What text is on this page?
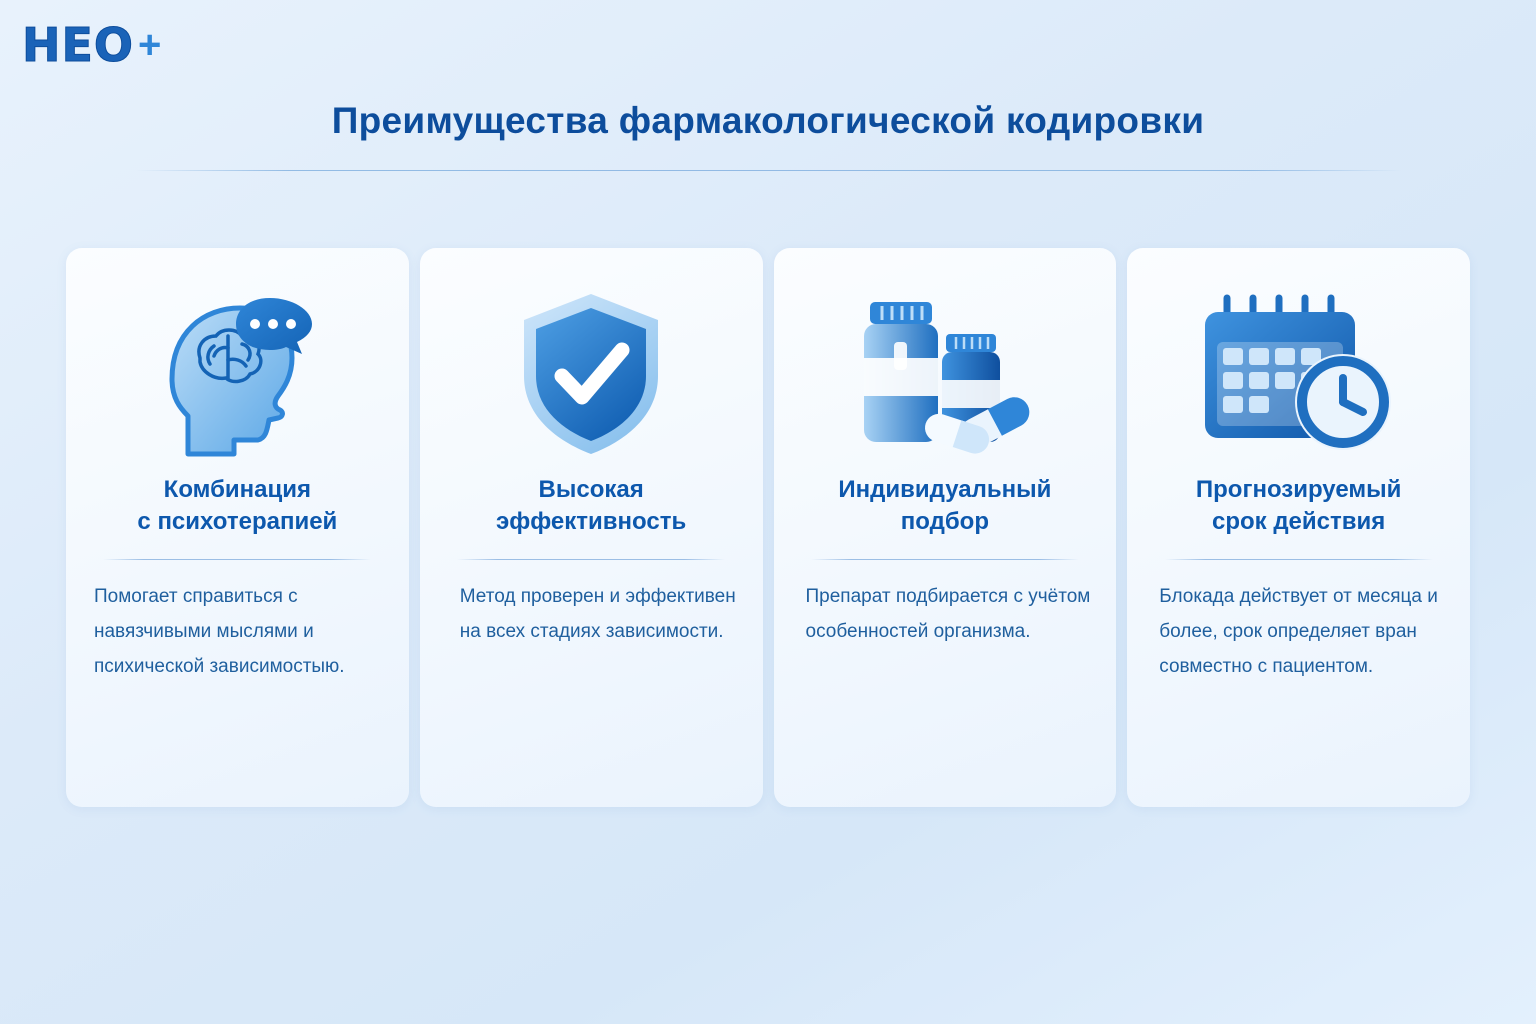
HEO +
Преимущества фармакологической кодировки
Комбинация
с психотерапией
Помогает справиться с навязчивыми мыслями и психической зависимостыю.
Высокая
эффективность
Метод проверен и эффективен на всех стадиях зависимости.
Индивидуальный
подбор
Препарат подбирается с учётом особенностей организма.
Прогнозируемый
срок действия
Блокада действует от месяца и более, срок определяет вран совместно с пациентом.
